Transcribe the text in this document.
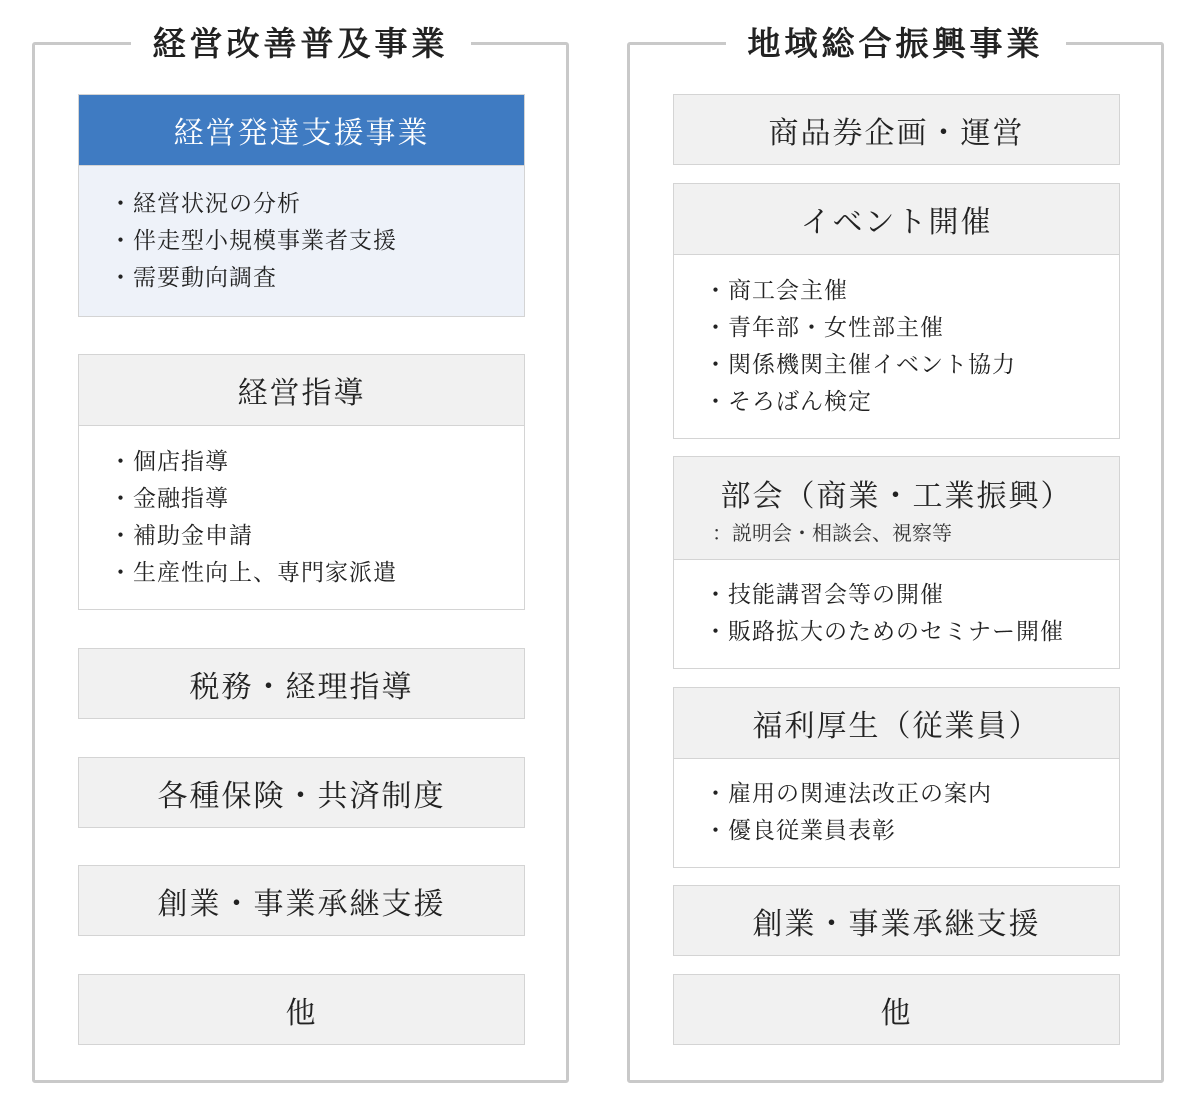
経営改善普及事業
経営発達支援事業
・ 経営状況の分析
・ 伴走型小規模事業者支援
・ 需要動向調査
経営指導
・ 個店指導
・ 金融指導
・ 補助金申請
・ 生産性向上、専門家派遣
税務・経理指導
各種保険・共済制度
創業・事業承継支援
他
地域総合振興事業
商品券企画・運営
イベント開催
・ 商工会主催
・ 青年部・女性部主催
・ 関係機関主催イベント協力
・ そろばん検定
部会（商業・工業振興）
：説明会・相談会、視察等
・ 技能講習会等の開催
・ 販路拡大のためのセミナー開催
福利厚生（従業員）
・ 雇用の関連法改正の案内
・ 優良従業員表彰
創業・事業承継支援
他
